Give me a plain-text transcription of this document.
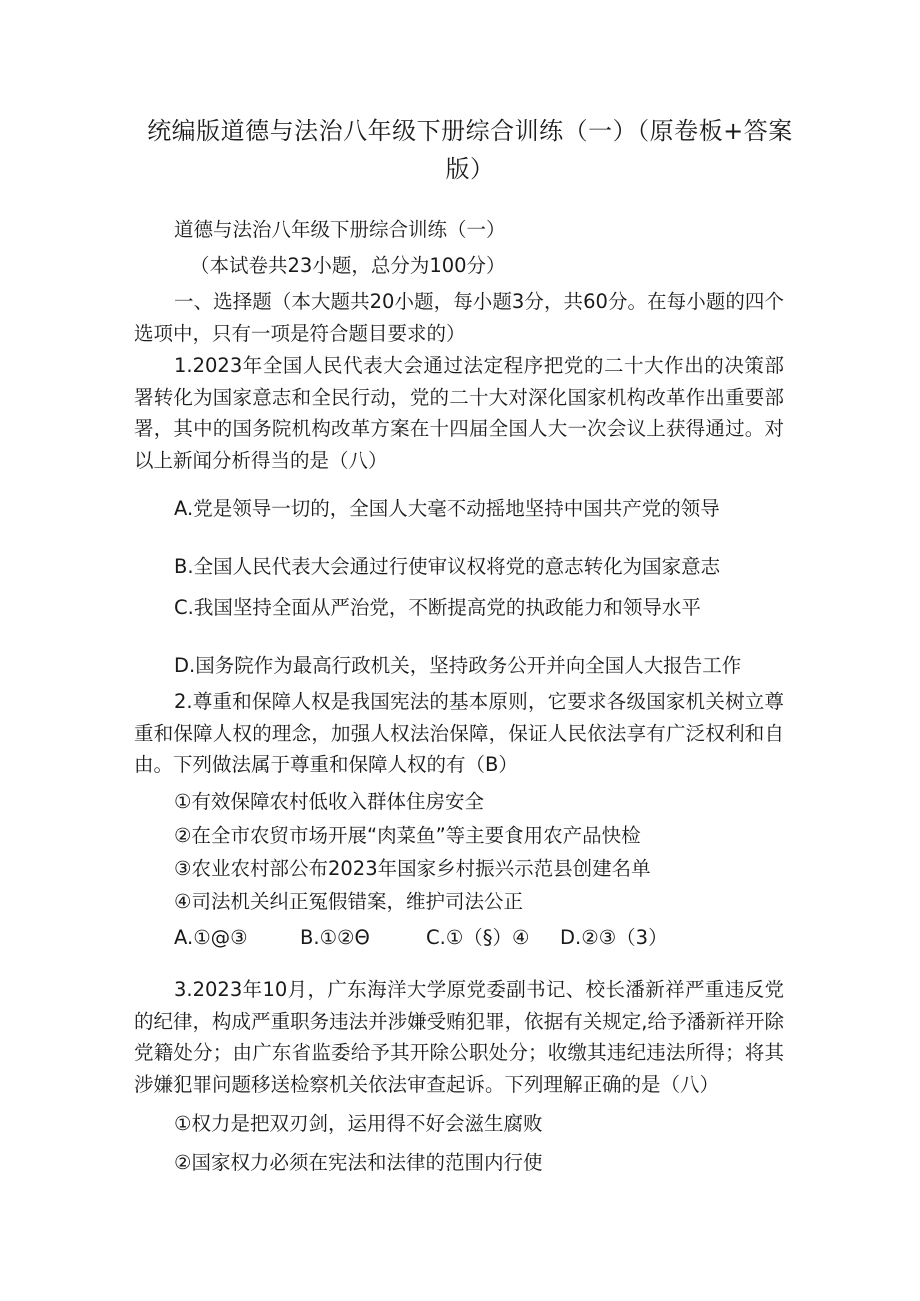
统编版道德与法治八年级下册综合训练（一）（原卷板+答案版）
道德与法治八年级下册综合训练（一）
（本试卷共23小题，总分为100分）
一、选择题（本大题共20小题，每小题3分，共60分。在每小题的四个选项中，只有一项是符合题目要求的）
1.2023年全国人民代表大会通过法定程序把党的二十大作出的决策部署转化为国家意志和全民行动，党的二十大对深化国家机构改革作出重要部署，其中的国务院机构改革方案在十四届全国人大一次会议上获得通过。对以上新闻分析得当的是（八）
A.党是领导一切的，全国人大毫不动摇地坚持中国共产党的领导
B.全国人民代表大会通过行使审议权将党的意志转化为国家意志
C.我国坚持全面从严治党，不断提高党的执政能力和领导水平
D.国务院作为最高行政机关，坚持政务公开并向全国人大报告工作
2.尊重和保障人权是我国宪法的基本原则，它要求各级国家机关树立尊重和保障人权的理念，加强人权法治保障，保证人民依法享有广泛权利和自由。下列做法属于尊重和保障人权的有（B）
①有效保障农村低收入群体住房安全
②在全市农贸市场开展“肉菜鱼”等主要食用农产品快检
③农业农村部公布2023年国家乡村振兴示范县创建名单
④司法机关纠正冤假错案，维护司法公正
A.①@③	B.①②Θ	C.①（§）④ D.②③（3）
3.2023年10月，广东海洋大学原党委副书记、校长潘新祥严重违反党的纪律，构成严重职务违法并涉嫌受贿犯罪，依据有关规定,给予潘新祥开除党籍处分；由广东省监委给予其开除公职处分；收缴其违纪违法所得；将其涉嫌犯罪问题移送检察机关依法审查起诉。下列理解正确的是（八）
①权力是把双刃剑，运用得不好会滋生腐败
②国家权力必须在宪法和法律的范围内行使
